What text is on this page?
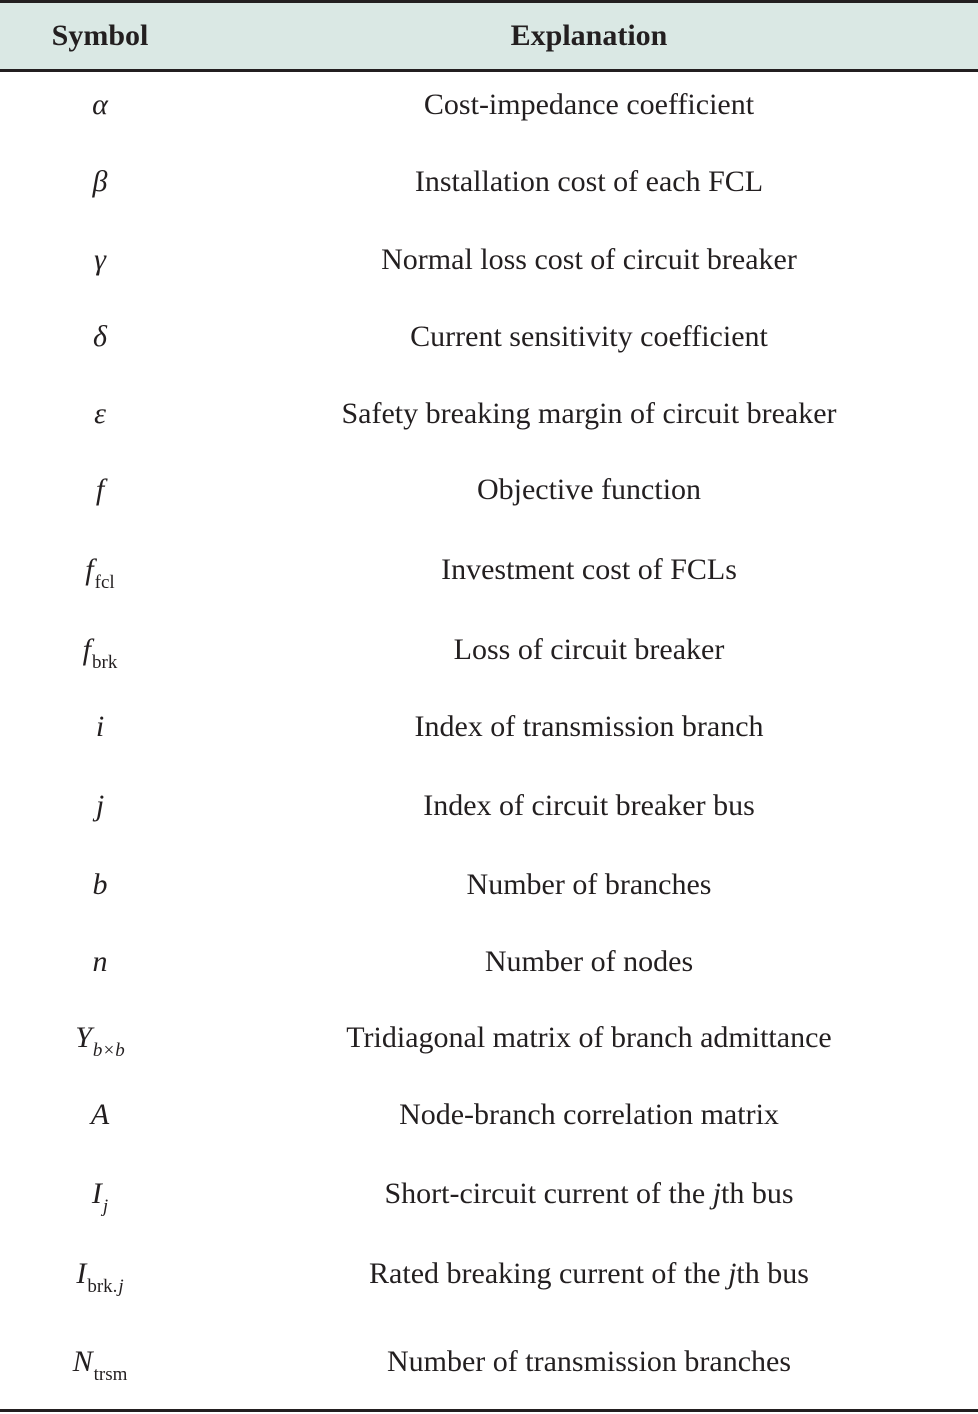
Symbol	Explanation
α	Cost-impedance coefficient
β	Installation cost of each FCL
γ	Normal loss cost of circuit breaker
δ	Current sensitivity coefficient
ε	Safety breaking margin of circuit breaker
f	Objective function
$f_{fcl}$	Investment cost of FCLs
$f_{brk}$	Loss of circuit breaker
i	Index of transmission branch
j	Index of circuit breaker bus
b	Number of branches
n	Number of nodes
$Y_{b\times b}$	Tridiagonal matrix of branch admittance
A	Node-branch correlation matrix
$I_j$	Short-circuit current of the jth bus
$I_{brk.j}$	Rated breaking current of the jth bus
$N_{trsm}$	Number of transmission branches
